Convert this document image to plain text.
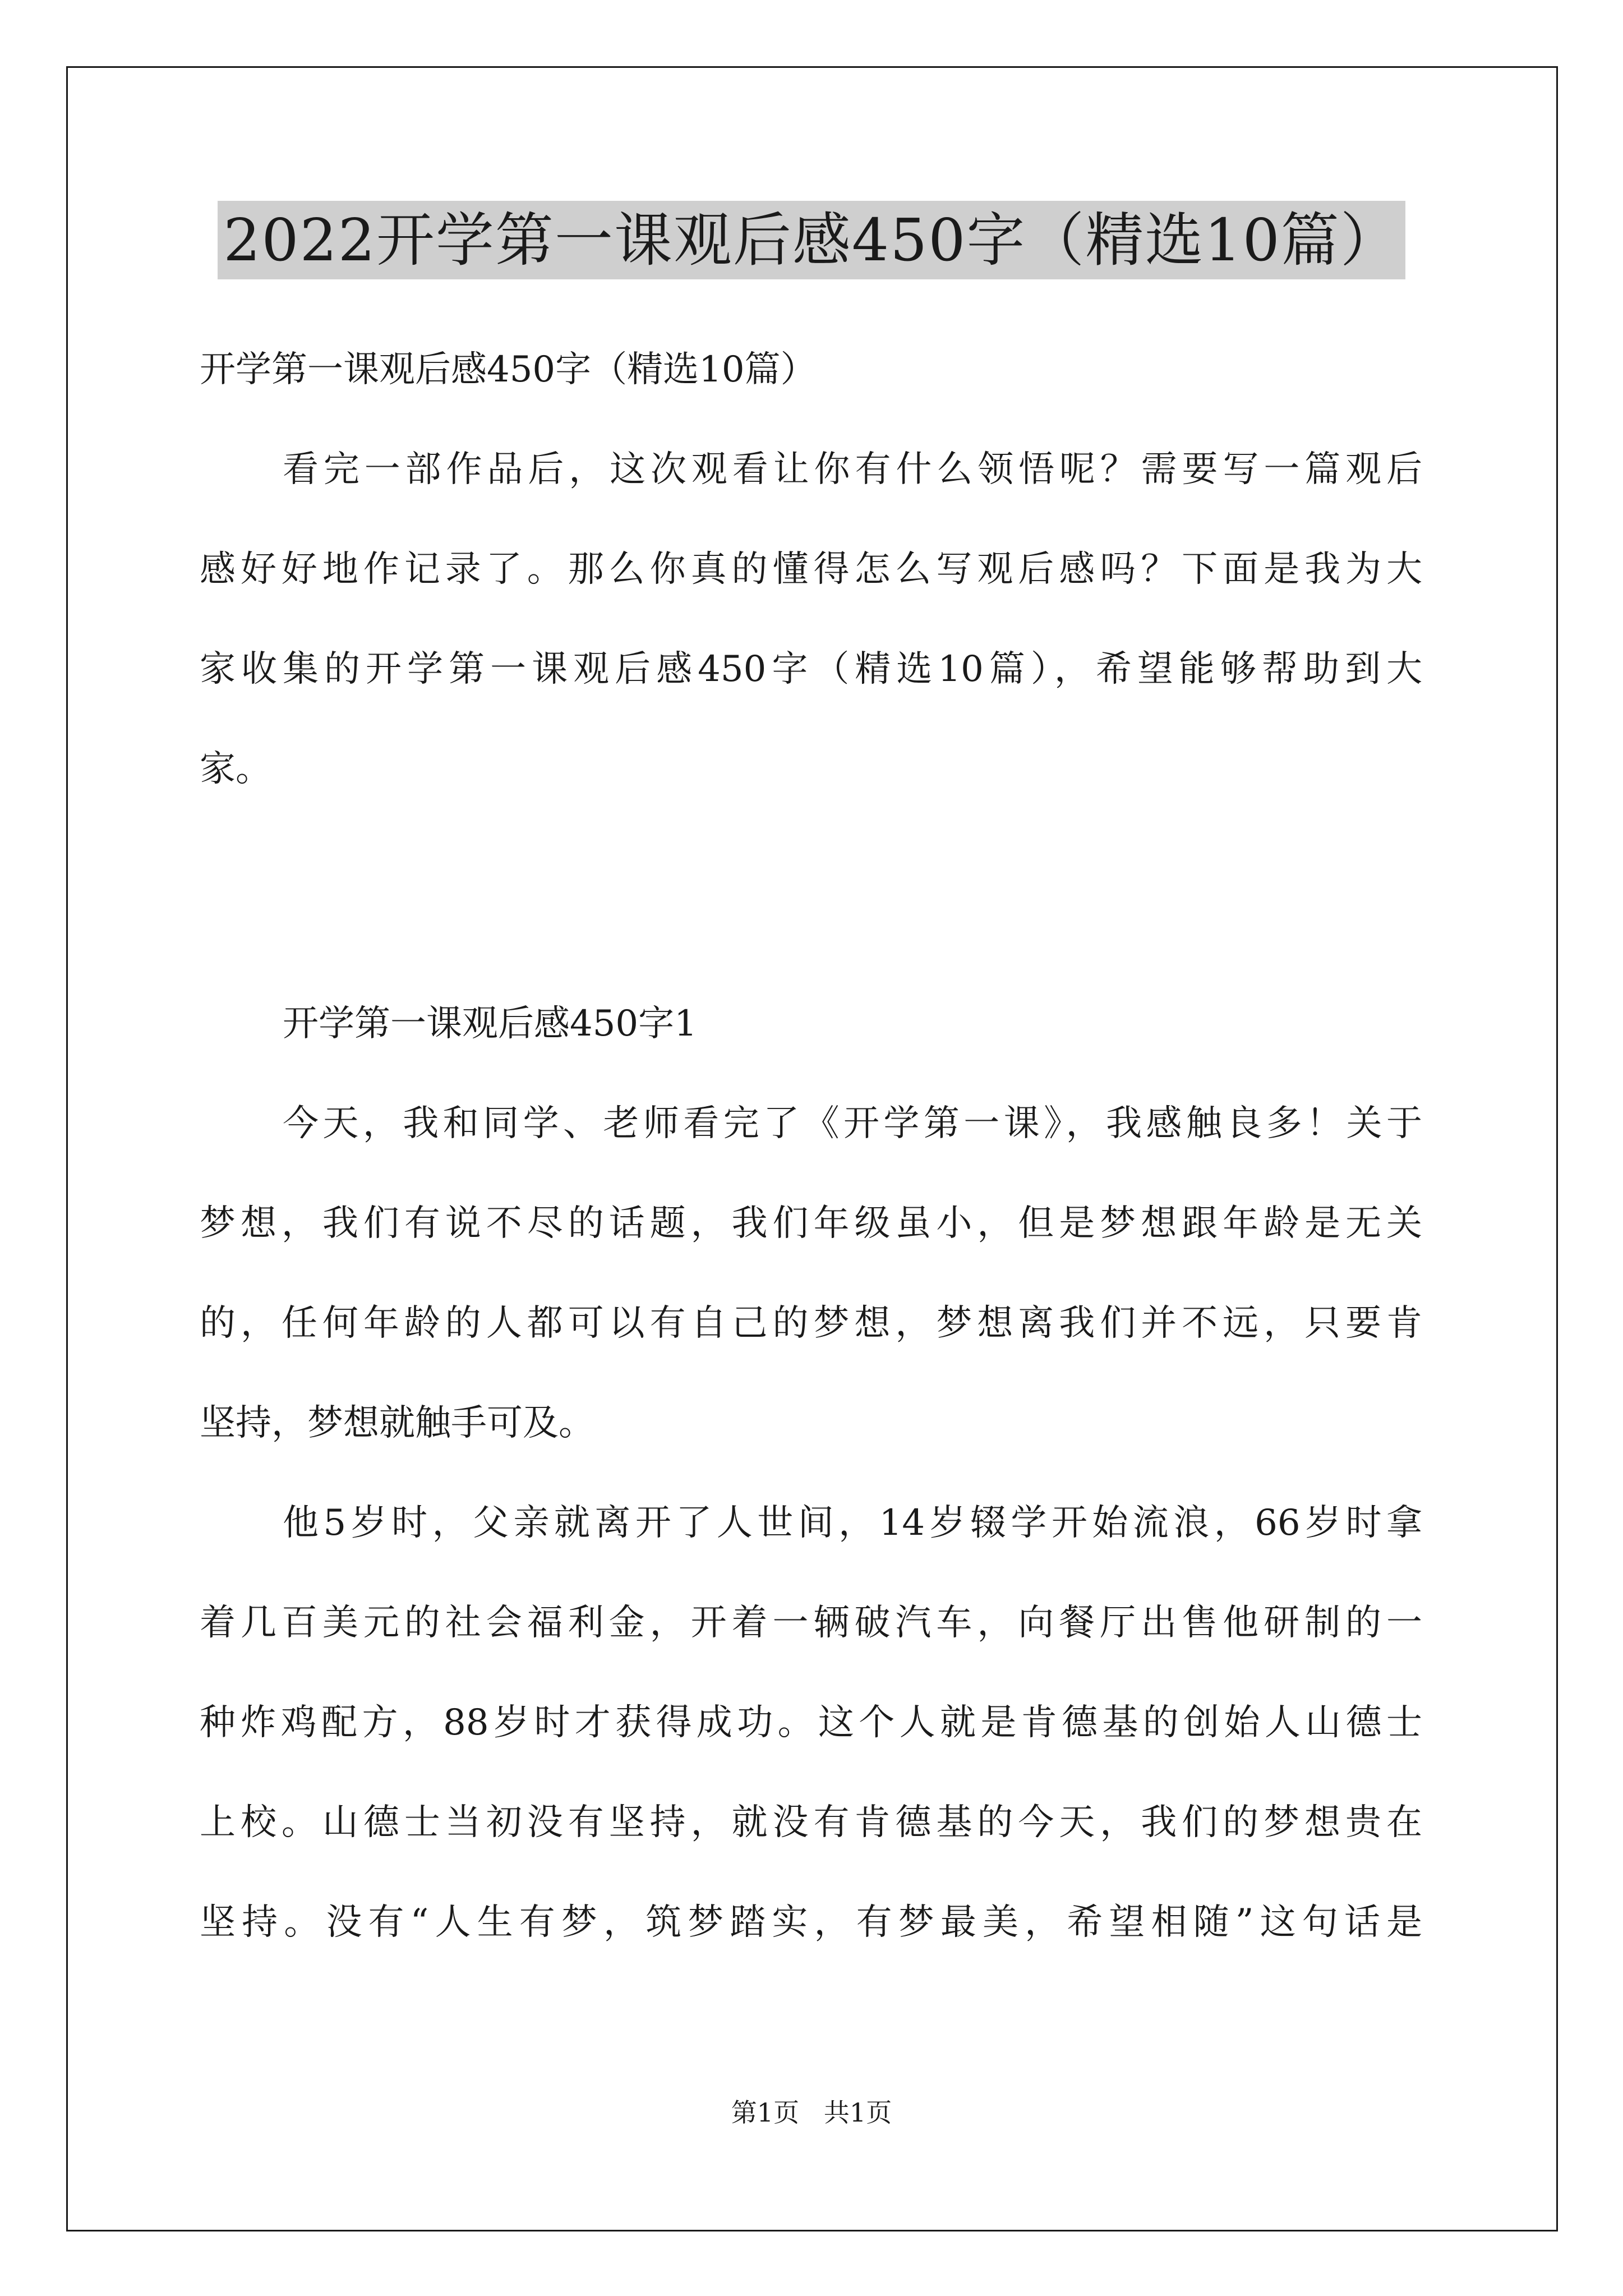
2022开学第一课观后感450字（精选10篇）
开学第一课观后感450字（精选10篇）
看完一部作品后，这次观看让你有什么领悟呢？需要写一篇观后
感好好地作记录了。那么你真的懂得怎么写观后感吗？下面是我为大
家收集的开学第一课观后感450字（精选10篇），希望能够帮助到大
家。
开学第一课观后感450字1
今天，我和同学、老师看完了《开学第一课》，我感触良多！关于
梦想，我们有说不尽的话题，我们年级虽小，但是梦想跟年龄是无关
的，任何年龄的人都可以有自己的梦想，梦想离我们并不远，只要肯
坚持，梦想就触手可及。
他5岁时，父亲就离开了人世间，14岁辍学开始流浪，66岁时拿
着几百美元的社会福利金，开着一辆破汽车，向餐厅出售他研制的一
种炸鸡配方，88岁时才获得成功。这个人就是肯德基的创始人山德士
上校。山德士当初没有坚持，就没有肯德基的今天，我们的梦想贵在
坚持。没有“人生有梦，筑梦踏实，有梦最美，希望相随”这句话是
第1页   共1页
